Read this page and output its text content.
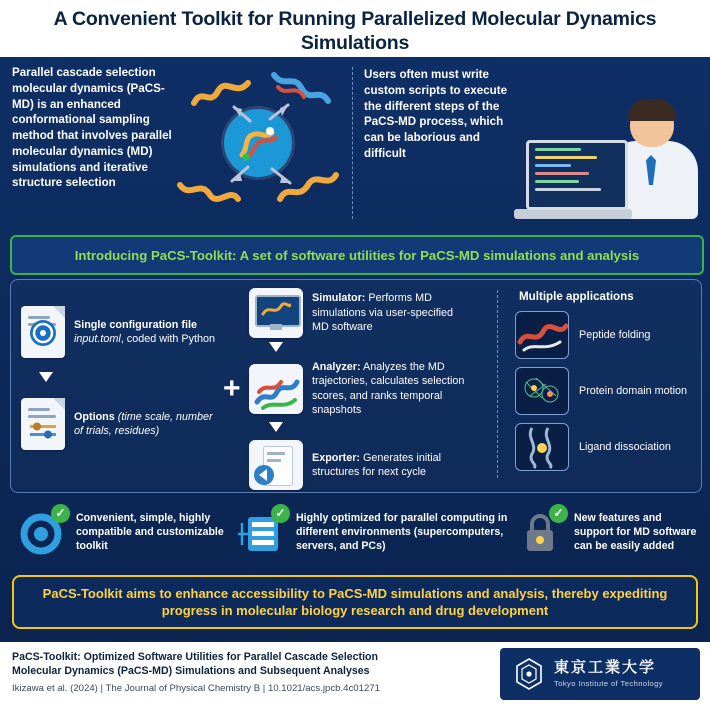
A Convenient Toolkit for Running Parallelized Molecular Dynamics Simulations
Parallel cascade selection molecular dynamics (PaCS-MD) is an enhanced conformational sampling method that involves parallel molecular dynamics (MD) simulations and iterative structure selection
Users often must write custom scripts to execute the different steps of the PaCS-MD process, which can be laborious and difficult
Introducing PaCS-Toolkit: A set of software utilities for PaCS-MD simulations and analysis
Single configuration file input.toml, coded with Python
Options (time scale, number of trials, residues)
+
Simulator: Performs MD simulations via user-specified MD software
Analyzer: Analyzes the MD trajectories, calculates selection scores, and ranks temporal snapshots
Exporter: Generates initial structures for next cycle
Multiple applications
Peptide folding
Protein domain motion
Ligand dissociation
✓ Convenient, simple, highly compatible and customizable toolkit
✓ Highly optimized for parallel computing in different environments (supercomputers, servers, and PCs)
✓ New features and support for MD software can be easily added
PaCS-Toolkit aims to enhance accessibility to PaCS-MD simulations and analysis, thereby expediting progress in molecular biology research and drug development
PaCS-Toolkit: Optimized Software Utilities for Parallel Cascade Selection
Molecular Dynamics (PaCS-MD) Simulations and Subsequent Analyses
Ikizawa et al. (2024) | The Journal of Physical Chemistry B | 10.1021/acs.jpcb.4c01271
東京工業大学
Tokyo Institute of Technology
